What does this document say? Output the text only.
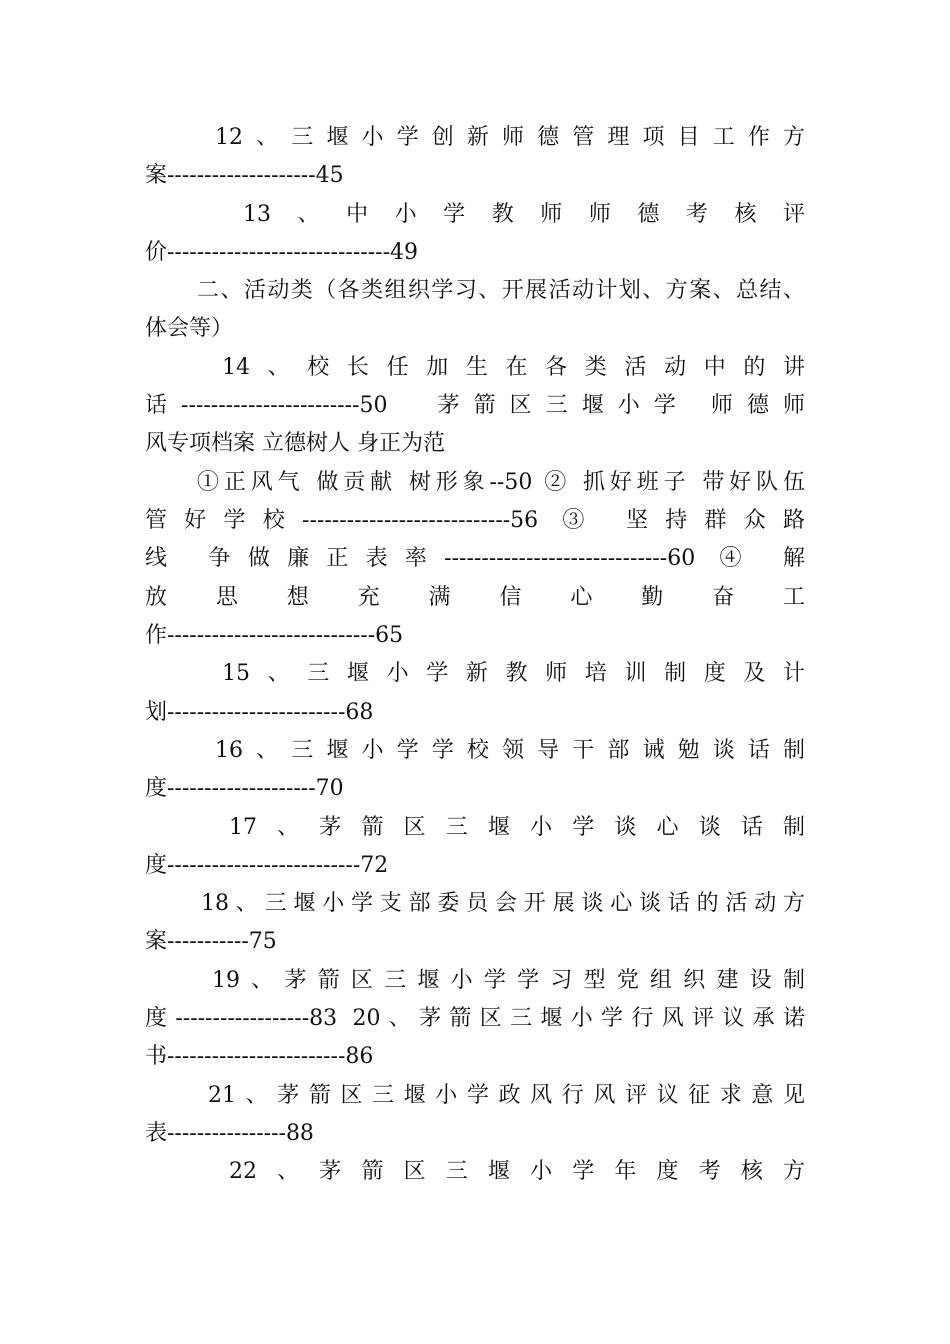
12、三堰小学创新师德管理项目工作方
案--------------------45
13、中小学教师师德考核评
价------------------------------49
二、活动类（各类组织学习、开展活动计划、方案、总结、
体会等）
14、校长任加生在各类活动中的讲
话------------------------50　茅箭区三堰小学 师德师
风专项档案 立德树人 身正为范
①正风气 做贡献 树形象--50 ② 抓好班子 带好队伍
管好学校----------------------------56 ③ 坚持群众路
线 争做廉正表率------------------------------60 ④ 解
放 思 想 充 满 信 心 勤 奋 工
作----------------------------65
15、三堰小学新教师培训制度及计
划------------------------68
16、三堰小学学校领导干部诫勉谈话制
度--------------------70
17、茅箭区三堰小学谈心谈话制
度--------------------------72
18、三堰小学支部委员会开展谈心谈话的活动方
案-----------75
19、茅箭区三堰小学学习型党组织建设制
度------------------83 20、茅箭区三堰小学行风评议承诺
书------------------------86
21、茅箭区三堰小学政风行风评议征求意见
表----------------88
22、茅箭区三堰小学年度考核方
